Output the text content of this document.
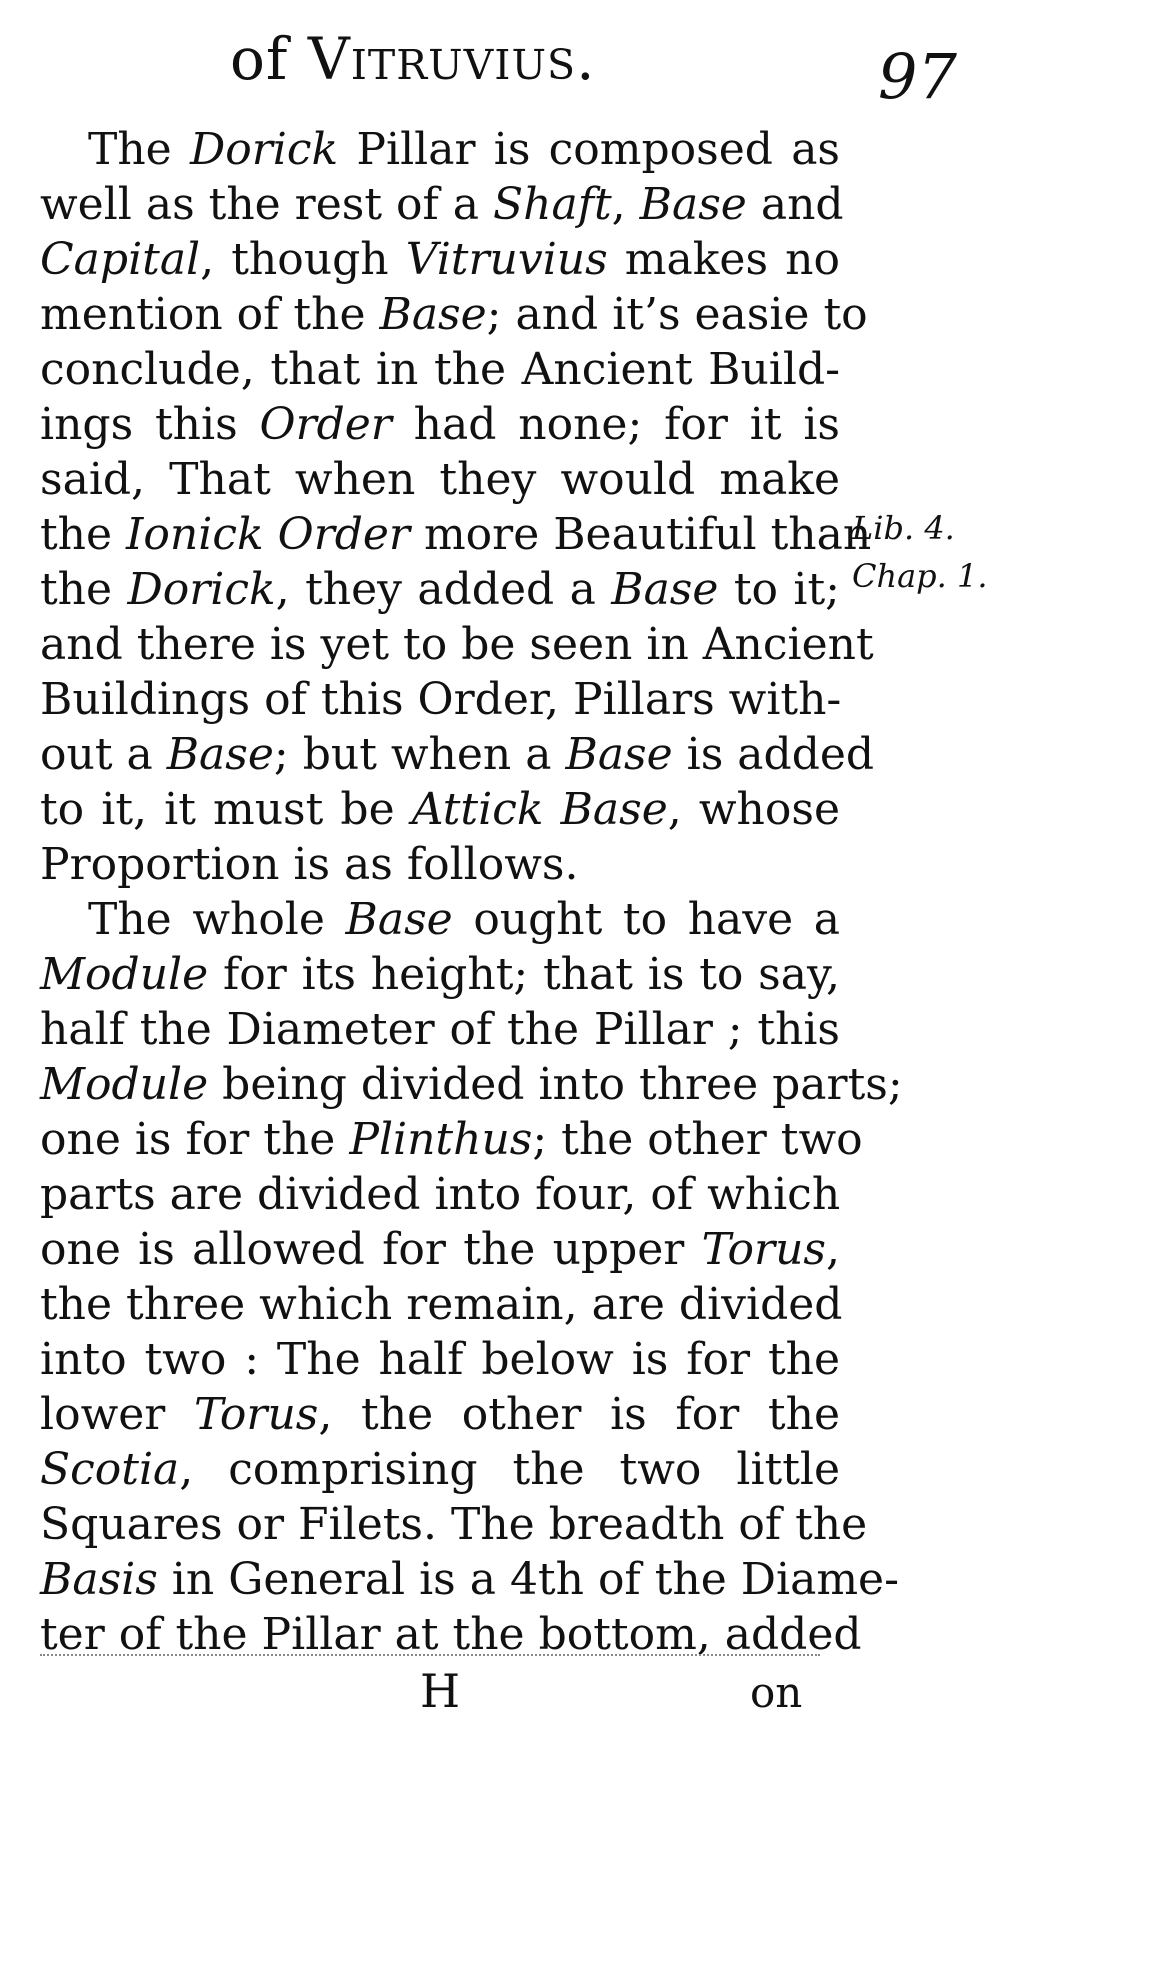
of Vitruvius.	97
The Dorick Pillar is composed as
well as the rest of a Shaft, Base and
Capital, though Vitruvius makes no
mention of the Base; and it’s easie to
conclude, that in the Ancient Build-
ings this Order had none; for it is
said, That when they would make
the Ionick Order more Beautiful than
the Dorick, they added a Base to it;
and there is yet to be seen in Ancient
Buildings of this Order, Pillars with-
out a Base; but when a Base is added
to it, it must be Attick Base, whose
Proportion is as follows.
The whole Base ought to have a
Module for its height; that is to say,
half the Diameter of the Pillar ; this
Module being divided into three parts;
one is for the Plinthus; the other two
parts are divided into four, of which
one is allowed for the upper Torus,
the three which remain, are divided
into two : The half below is for the
lower Torus, the other is for the
Scotia, comprising the two little
Squares or Filets. The breadth of the
Basis in General is a 4th of the Diame-
ter of the Pillar at the bottom, added
Lib. 4.
Chap. 1.
H	on
